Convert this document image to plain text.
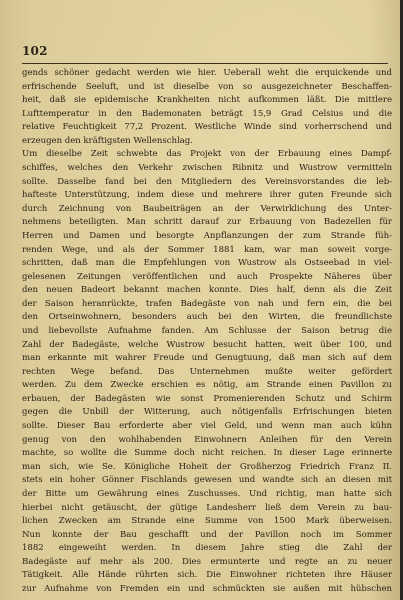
102
gends schöner gedacht werden wie hier. Ueberall weht die erquickende und
erfrischende Seeluft, und ist dieselbe von so ausgezeichneter Beschaffen-
heit, daß sie epidemische Krankheiten nicht aufkommen läßt. Die mittlere
Lufttemperatur in den Bademonaten beträgt 15,9 Grad Celsius und die
relative Feuchtigkeit 77,2 Prozent. Westliche Winde sind vorherrschend und
erzeugen den kräftigsten Wellenschlag.
Um dieselbe Zeit schwebte das Projekt von der Erbauung eines Dampf-
schiffes, welches den Verkehr zwischen Ribnitz und Wustrow vermitteln
sollte. Dasselbe fand bei den Mitgliedern des Vereinsvorstandes die leb-
hafteste Unterstützung, indem diese und mehrere ihrer guten Freunde sich
durch Zeichnung von Baubeiträgen an der Verwirklichung des Unter-
nehmens beteiligten. Man schritt darauf zur Erbauung von Badezellen für
Herren und Damen und besorgte Anpflanzungen der zum Strande füh-
renden Wege, und als der Sommer 1881 kam, war man soweit vorge-
schritten, daß man die Empfehlungen von Wustrow als Ostseebad in viel-
gelesenen Zeitungen veröffentlichen und auch Prospekte Näheres über
den neuen Badeort bekannt machen konnte. Dies half, denn als die Zeit
der Saison heranrückte, trafen Badegäste von nah und fern ein, die bei
den Ortseinwohnern, besonders auch bei den Wirten, die freundlichste
und liebevollste Aufnahme fanden. Am Schlusse der Saison betrug die
Zahl der Badegäste, welche Wustrow besucht hatten, weit über 100, und
man erkannte mit wahrer Freude und Genugtuung, daß man sich auf dem
rechten Wege befand. Das Unternehmen mußte weiter gefördert
werden. Zu dem Zwecke erschien es nötig, am Strande einen Pavillon zu
erbauen, der Badegästen wie sonst Promenierenden Schutz und Schirm
gegen die Unbill der Witterung, auch nötigenfalls Erfrischungen bieten
sollte. Dieser Bau erforderte aber viel Geld, und wenn man auch kühn
genug von den wohlhabenden Einwohnern Anleihen für den Verein
machte, so wollte die Summe doch nicht reichen. In dieser Lage erinnerte
man sich, wie Se. Königliche Hoheit der Großherzog Friedrich Franz II.
stets ein hoher Gönner Fischlands gewesen und wandte sich an diesen mit
der Bitte um Gewährung eines Zuschusses. Und richtig, man hatte sich
hierbei nicht getäuscht, der gütige Landesherr ließ dem Verein zu bau-
lichen Zwecken am Strande eine Summe von 1500 Mark überweisen.
Nun konnte der Bau geschafft und der Pavillon noch im Sommer
1882 eingeweiht werden. In diesem Jahre stieg die Zahl der
Badegäste auf mehr als 200. Dies ermunterte und regte an zu neuer
Tätigkeit. Alle Hände rührten sich. Die Einwohner richteten ihre Häuser
zur Aufnahme von Fremden ein und schmückten sie außen mit hübschen
